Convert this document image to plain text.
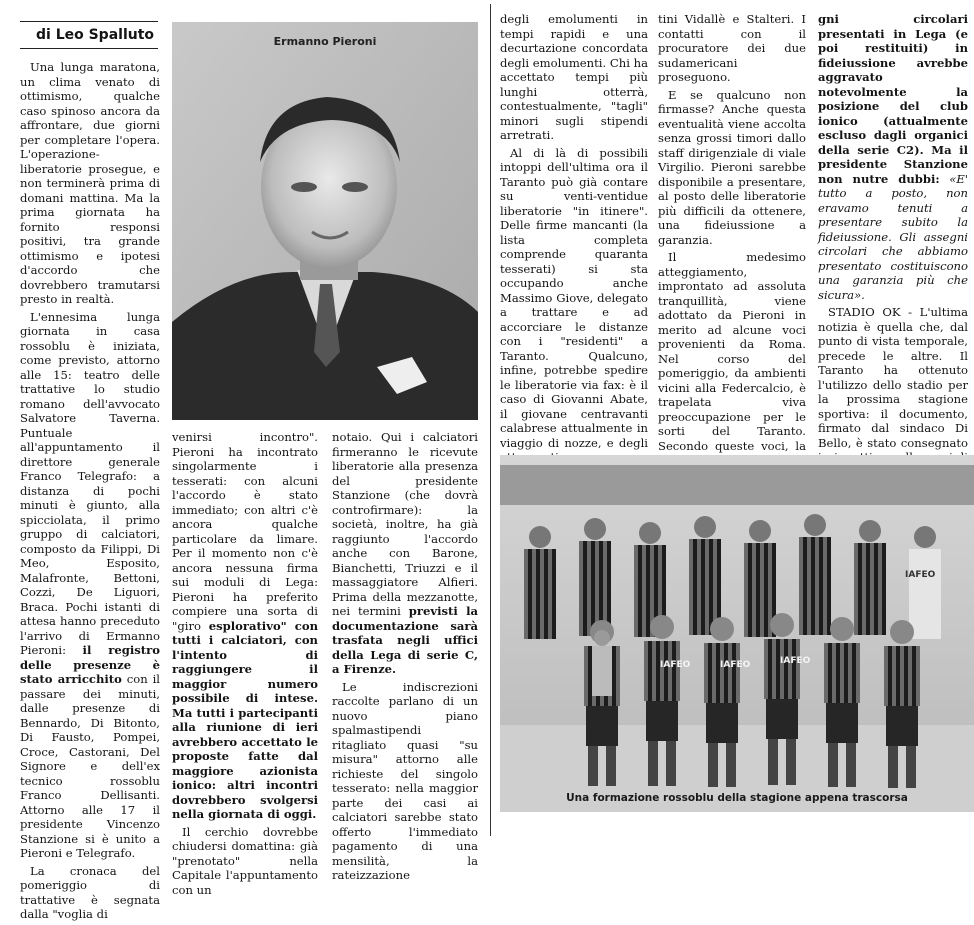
di Leo Spalluto

Una lunga maratona, un clima venato di ottimismo, qualche caso spinoso ancora da affrontare, due giorni per completare l'opera. L'operazione-liberatorie prosegue, e non terminerà prima di domani mattina. Ma la prima giornata ha fornito responsi positivi, tra grande ottimismo e ipotesi d'accordo che dovrebbero tramutarsi presto in realtà.

L'ennesima lunga giornata in casa rossoblu è iniziata, come previsto, attorno alle 15: teatro delle trattative lo studio romano dell'avvocato Salvatore Taverna. Puntuale all'appuntamento il direttore generale Franco Telegrafo: a distanza di pochi minuti è giunto, alla spicciolata, il primo gruppo di calciatori, composto da Filippi, Di Meo, Esposito, Malafronte, Bettoni, Cozzi, De Liguori, Braca. Pochi istanti di attesa hanno preceduto l'arrivo di Ermanno Pieroni: il registro delle presenze è stato arricchito con il passare dei minuti, dalle presenze di Bennardo, Di Bitonto, Di Fausto, Pompei, Croce, Castorani, Del Signore e dell'ex tecnico rossoblu Franco Dellisanti. Attorno alle 17 il presidente Vincenzo Stanzione si è unito a Pieroni e Telegrafo.

La cronaca del pomeriggio di trattative è segnata dalla "voglia di

Ermanno Pieroni

venirsi incontro". Pieroni ha incontrato singolarmente i tesserati: con alcuni l'accordo è stato immediato; con altri c'è ancora qualche particolare da limare. Per il momento non c'è ancora nessuna firma sui moduli di Lega: Pieroni ha preferito compiere una sorta di "giro esplorativo" con tutti i calciatori, con l'intento di raggiungere il maggior numero possibile di intese. Ma tutti i partecipanti alla riunione di ieri avrebbero accettato le proposte fatte dal maggiore azionista ionico: altri incontri dovrebbero svolgersi nella giornata di oggi.

Il cerchio dovrebbe chiudersi domattina: già "prenotato" nella Capitale l'appuntamento con un

notaio. Qui i calciatori firmeranno le ricevute liberatorie alla presenza del presidente Stanzione (che dovrà controfirmare): la società, inoltre, ha già raggiunto l'accordo anche con Barone, Bianchetti, Triuzzi e il massaggiatore Alfieri. Prima della mezzanotte, nei termini previsti la documentazione sarà trasfata negli uffici della Lega di serie C, a Firenze.

Le indiscrezioni raccolte parlano di un nuovo piano spalmastipendi ritagliato quasi "su misura" attorno alle richieste del singolo tesserato: nella maggior parte dei casi ai calciatori sarebbe stato offerto l'immediato pagamento di una mensilità, la rateizzazione

degli emolumenti in tempi rapidi e una decurtazione concordata degli emolumenti. Chi ha accettato tempi più lunghi otterrà, contestualmente, "tagli" minori sugli stipendi arretrati.

Al di là di possibili intoppi dell'ultima ora il Taranto può già contare su venti-ventidue liberatorie "in itinere". Delle firme mancanti (la lista completa comprende quaranta tesserati) si sta occupando anche Massimo Giove, delegato a trattare e ad accorciare le distanze con i "residenti" a Taranto. Qualcuno, infine, potrebbe spedire le liberatorie via fax: è il caso di Giovanni Abate, il giovane centravanti calabrese attualmente in viaggio di nozze, e degli

tini Vidallè e Stalteri. I contatti con il procuratore dei due sudamericani proseguono.

E se qualcuno non firmasse? Anche questa eventualità viene accolta senza grossi timori dallo staff dirigenziale di viale Virgilio. Pieroni sarebbe disponibile a presentare, al posto delle liberatorie più difficili da ottenere, una fideiussione a garanzia.

Il medesimo atteggiamento, improntato ad assoluta tranquillità, viene adottato da Pieroni in merito ad alcune voci provenienti da Roma. Nel corso del pomeriggio, da ambienti vicini alla Federcalcio, è trapelata viva preoccupazione per le sorti del Taranto. Secondo queste voci, la

gni circolari presentati in Lega (e poi restituiti) in fideiussione avrebbe aggravato notevolmente la posizione del club ionico (attualmente escluso dagli organici della serie C2). Ma il presidente Stanzione non nutre dubbi: «E' tutto a posto, non eravamo tenuti a presentare subito la fideiussione. Gli assegni circolari che abbiamo presentato costituiscono una garanzia più che sicura».

STADIO OK - L'ultima notizia è quella che, dal punto di vista temporale, precede le altre. Il Taranto ha ottenuto l'utilizzo dello stadio per la prossima stagione sportiva: il documento, firmato dal sindaco Di Bello, è stato consegnato

IAFEO	IAFEO	IAFEO
IAFEO
Una formazione rossoblu della stagione appena trascorsa
